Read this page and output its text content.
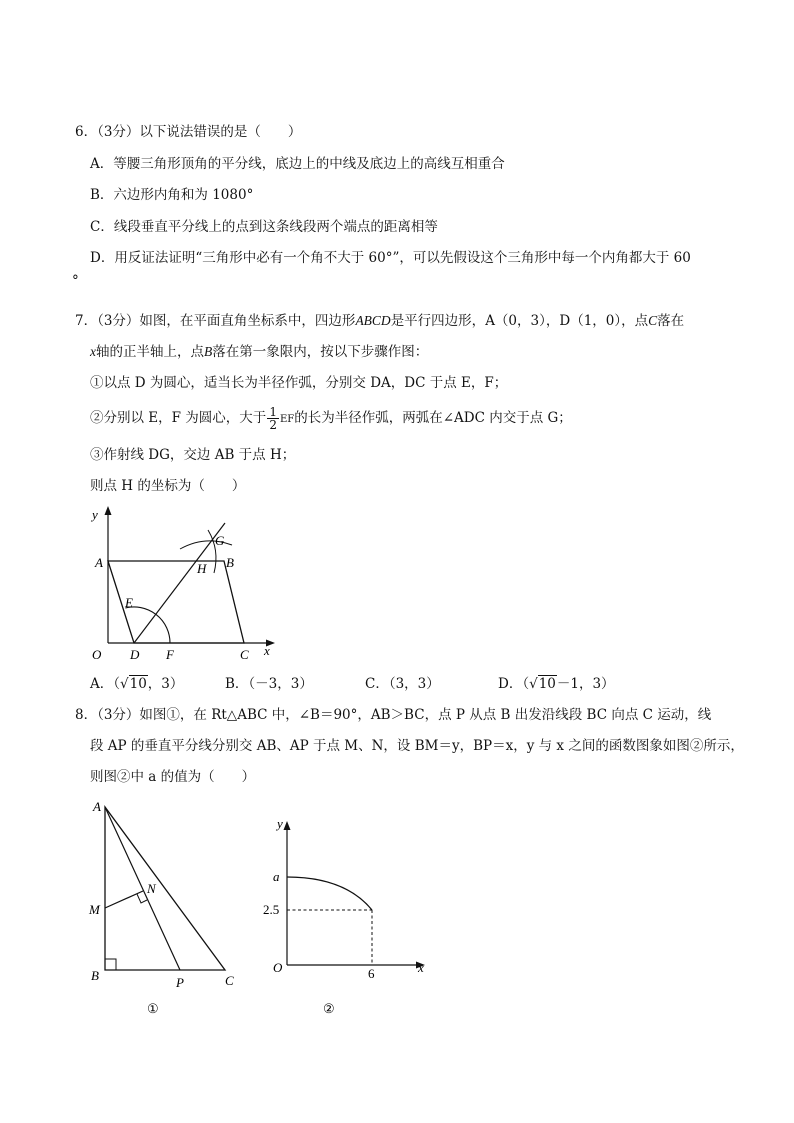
6．（3分）以下说法错误的是（　　）
A．等腰三角形顶角的平分线，底边上的中线及底边上的高线互相重合
B．六边形内角和为 1080°
C．线段垂直平分线上的点到这条线段两个端点的距离相等
D．用反证法证明“三角形中必有一个角不大于 60°”，可以先假设这个三角形中每一个内角都大于 60
°
7．（3分）如图，在平面直角坐标系中，四边形ABCD是平行四边形，A（0，3），D（1，0），点C落在
x轴的正半轴上，点B落在第一象限内，按以下步骤作图：
①以点 D 为圆心，适当长为半径作弧，分别交 DA，DC 于点 E，F；
②分别以 E，F 为圆心，大于 $\frac{1}{2}$ EF的长为半径作弧，两弧在∠ADC 内交于点 G；
③作射线 DG，交边 AB 于点 H；
则点 H 的坐标为（　　）
y
A
G
H B
E
O D F	C x
A．（√10，3）	B．（－3，3）	C．（3，3）	D．（√10－1，3）
8．（3分）如图①，在 Rt△ABC 中，∠B＝90°，AB＞BC，点 P 从点 B 出发沿线段 BC 向点 C 运动，线
段 AP 的垂直平分线分别交 AB、AP 于点 M、N，设 BM＝y，BP＝x，y 与 x 之间的函数图象如图②所示，
则图②中 a 的值为（　　）
A
M
N
B	P	C
①
y
a
2.5
O	6	x
②
